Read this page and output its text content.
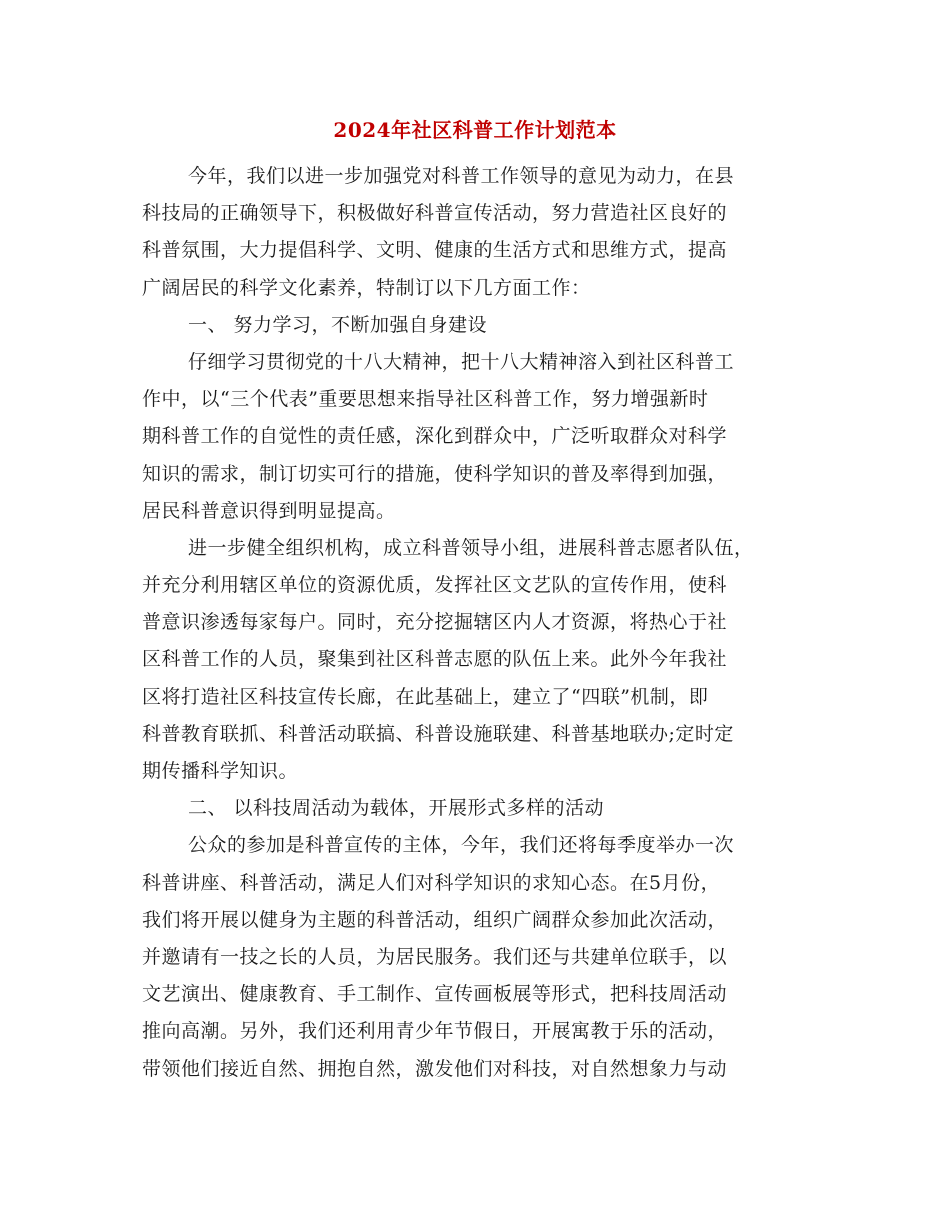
2024年社区科普工作计划范本
今年，我们以进一步加强党对科普工作领导的意见为动力，在县
科技局的正确领导下，积极做好科普宣传活动，努力营造社区良好的
科普氛围，大力提倡科学、文明、健康的生活方式和思维方式，提高
广阔居民的科学文化素养，特制订以下几方面工作：
一、 努力学习，不断加强自身建设
仔细学习贯彻党的十八大精神，把十八大精神溶入到社区科普工
作中，以“三个代表”重要思想来指导社区科普工作，努力增强新时
期科普工作的自觉性的责任感，深化到群众中，广泛听取群众对科学
知识的需求，制订切实可行的措施，使科学知识的普及率得到加强，
居民科普意识得到明显提高。
进一步健全组织机构，成立科普领导小组，进展科普志愿者队伍，
并充分利用辖区单位的资源优质，发挥社区文艺队的宣传作用，使科
普意识渗透每家每户。同时，充分挖掘辖区内人才资源，将热心于社
区科普工作的人员，聚集到社区科普志愿的队伍上来。此外今年我社
区将打造社区科技宣传长廊，在此基础上，建立了“四联”机制，即
科普教育联抓、科普活动联搞、科普设施联建、科普基地联办;定时定
期传播科学知识。
二、 以科技周活动为载体，开展形式多样的活动
公众的参加是科普宣传的主体，今年，我们还将每季度举办一次
科普讲座、科普活动，满足人们对科学知识的求知心态。在5月份，
我们将开展以健身为主题的科普活动，组织广阔群众参加此次活动，
并邀请有一技之长的人员，为居民服务。我们还与共建单位联手，以
文艺演出、健康教育、手工制作、宣传画板展等形式，把科技周活动
推向高潮。另外，我们还利用青少年节假日，开展寓教于乐的活动，
带领他们接近自然、拥抱自然，激发他们对科技，对自然想象力与动
